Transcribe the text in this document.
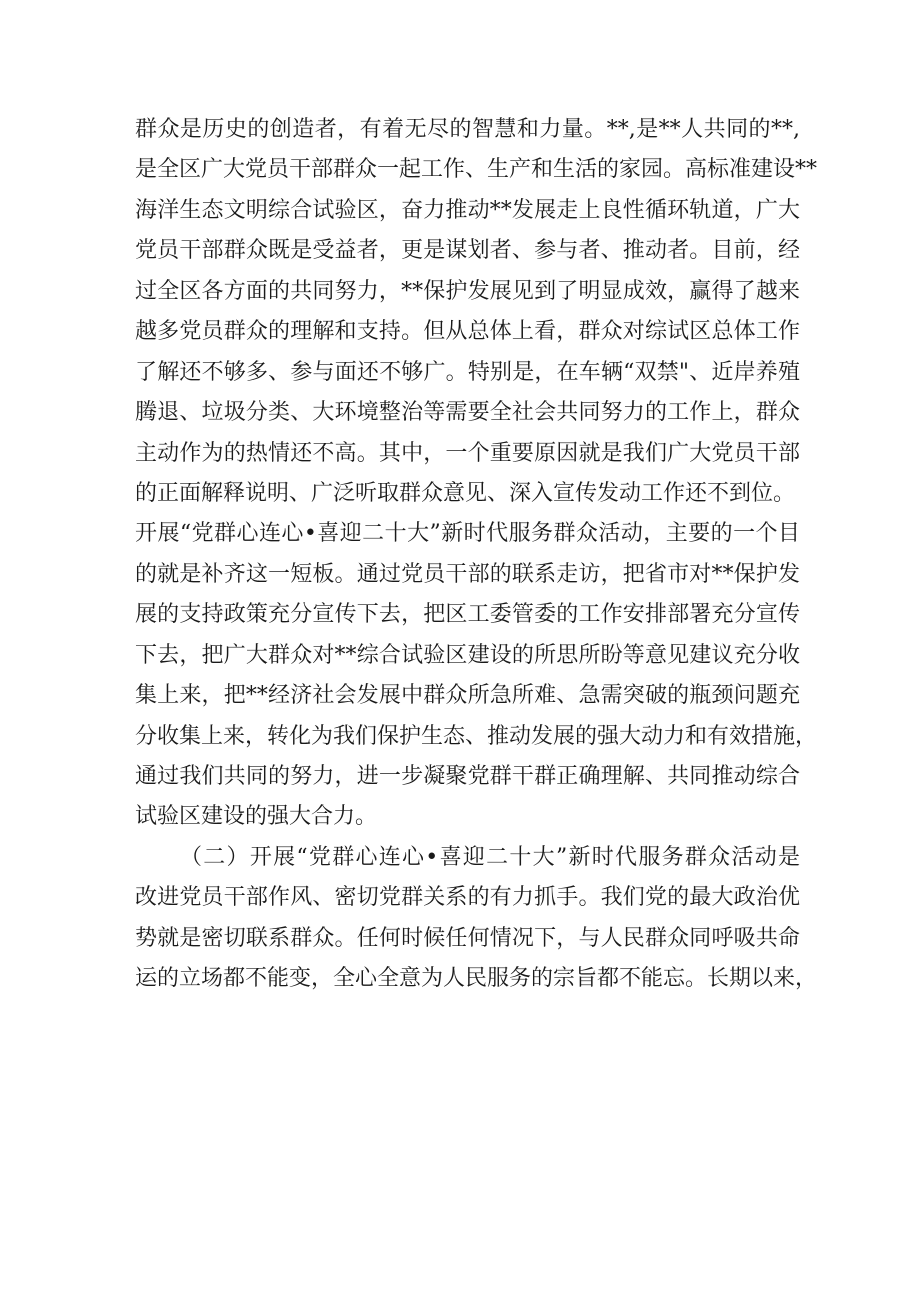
群众是历史的创造者，有着无尽的智慧和力量。**,是**人共同的**,
是全区广大党员干部群众一起工作、生产和生活的家园。高标准建设**
海洋生态文明综合试验区，奋力推动**发展走上良性循环轨道，广大
党员干部群众既是受益者，更是谋划者、参与者、推动者。目前，经
过全区各方面的共同努力，**保护发展见到了明显成效，赢得了越来
越多党员群众的理解和支持。但从总体上看，群众对综试区总体工作
了解还不够多、参与面还不够广。特别是，在车辆“双禁"、近岸养殖
腾退、垃圾分类、大环境整治等需要全社会共同努力的工作上，群众
主动作为的热情还不高。其中，一个重要原因就是我们广大党员干部
的正面解释说明、广泛听取群众意见、深入宣传发动工作还不到位。
开展“党群心连心•喜迎二十大”新时代服务群众活动，主要的一个目
的就是补齐这一短板。通过党员干部的联系走访，把省市对**保护发
展的支持政策充分宣传下去，把区工委管委的工作安排部署充分宣传
下去，把广大群众对**综合试验区建设的所思所盼等意见建议充分收
集上来，把**经济社会发展中群众所急所难、急需突破的瓶颈问题充
分收集上来，转化为我们保护生态、推动发展的强大动力和有效措施，
通过我们共同的努力，进一步凝聚党群干群正确理解、共同推动综合
试验区建设的强大合力。
（二）开展“党群心连心•喜迎二十大”新时代服务群众活动是
改进党员干部作风、密切党群关系的有力抓手。我们党的最大政治优
势就是密切联系群众。任何时候任何情况下，与人民群众同呼吸共命
运的立场都不能变，全心全意为人民服务的宗旨都不能忘。长期以来，
